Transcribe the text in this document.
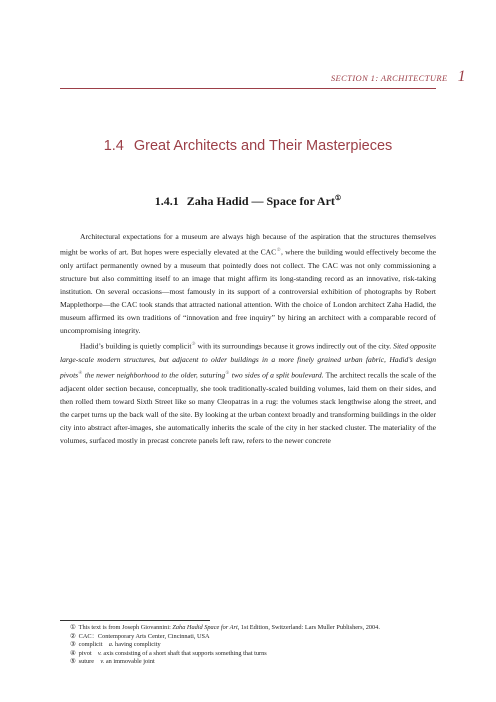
SECTION 1: ARCHITECTURE 1
1.4 Great Architects and Their Masterpieces
1.4.1 Zaha Hadid — Space for Art①

Architectural expectations for a museum are always high because of the aspiration that the structures themselves might be works of art. But hopes were especially elevated at the CAC②, where the building would effectively become the only artifact permanently owned by a museum that pointedly does not collect. The CAC was not only commissioning a structure but also committing itself to an image that might affirm its long-standing record as an innovative, risk-taking institution. On several occasions—most famously in its support of a controversial exhibition of photographs by Robert Mapplethorpe—the CAC took stands that attracted national attention. With the choice of London architect Zaha Hadid, the museum affirmed its own traditions of “innovation and free inquiry” by hiring an architect with a comparable record of uncompromising integrity.

Hadid’s building is quietly complicit③ with its surroundings because it grows indirectly out of the city. Sited opposite large-scale modern structures, but adjacent to older buildings in a more finely grained urban fabric, Hadid’s design pivots④ the newer neighborhood to the older, suturing⑤ two sides of a split boulevard. The architect recalls the scale of the adjacent older section because, conceptually, she took traditionally-scaled building volumes, laid them on their sides, and then rolled them toward Sixth Street like so many Cleopatras in a rug: the volumes stack lengthwise along the street, and the carpet turns up the back wall of the site. By looking at the urban context broadly and transforming buildings in the older city into abstract after-images, she automatically inherits the scale of the city in her stacked cluster. The materiality of the volumes, surfaced mostly in precast concrete panels left raw, refers to the newer concrete

① This text is from Joseph Giovannini: Zaha Hadid Space for Art, 1st Edition, Switzerland: Lars Muller Publishers, 2004.

② CAC：Contemporary Arts Center, Cincinnati, USA

③ complicit　a. having complicity

④ pivot　v. axis consisting of a short shaft that supports something that turns

⑤ suture　v. an immovable joint
